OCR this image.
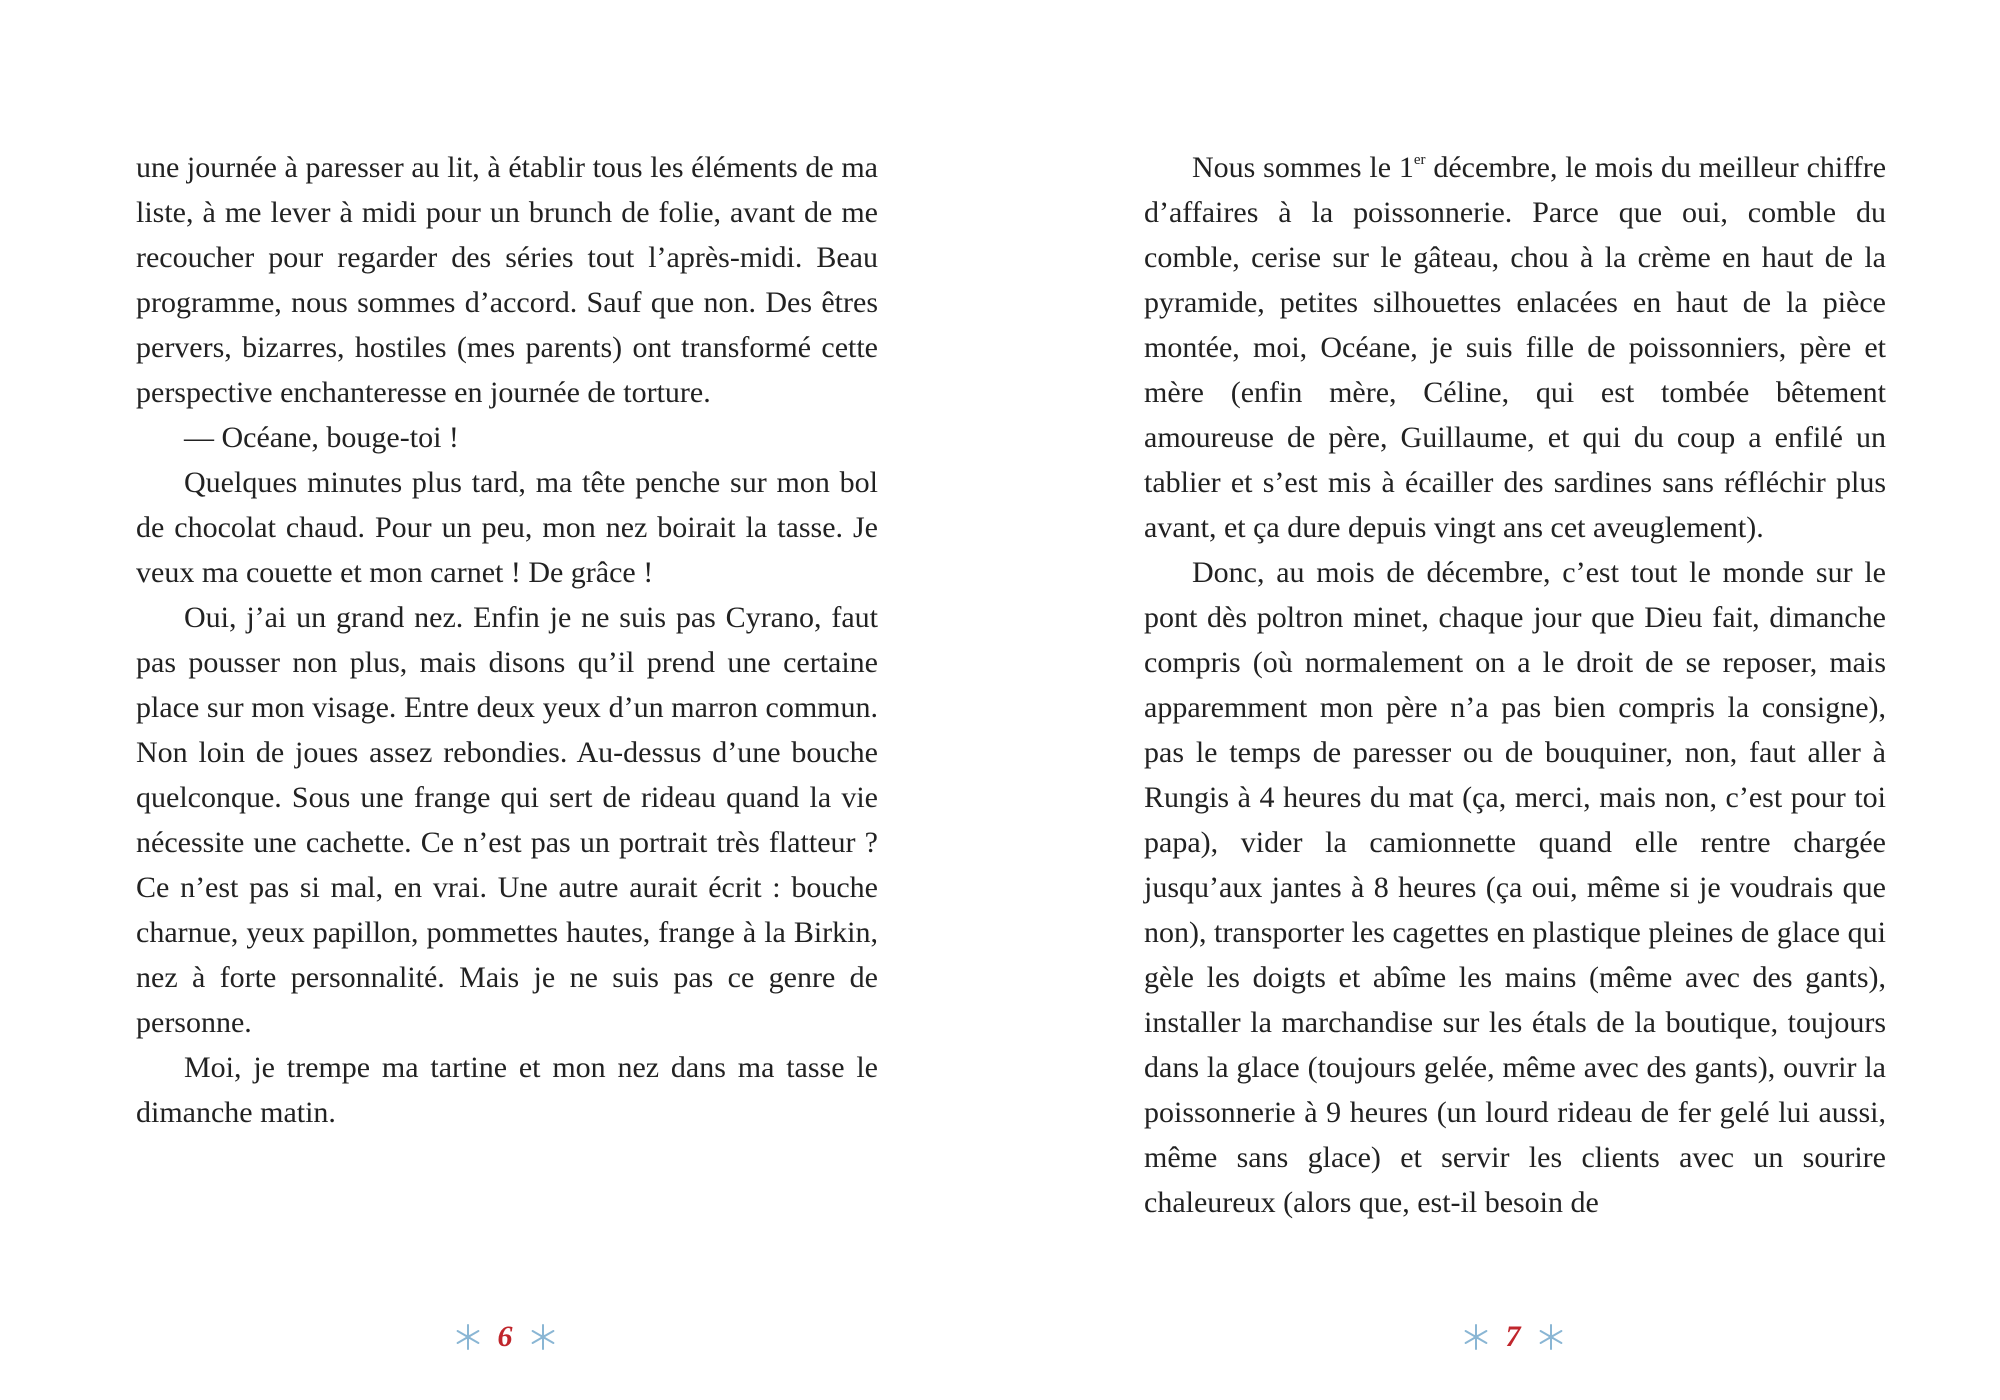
une journée à paresser au lit, à établir tous les éléments de ma liste, à me lever à midi pour un brunch de folie, avant de me recoucher pour regarder des séries tout l’après-midi. Beau programme, nous sommes d’accord. Sauf que non. Des êtres pervers, bizarres, hostiles (mes parents) ont transformé cette perspective enchanteresse en journée de torture.

— Océane, bouge-toi !

Quelques minutes plus tard, ma tête penche sur mon bol de chocolat chaud. Pour un peu, mon nez boirait la tasse. Je veux ma couette et mon carnet ! De grâce !

Oui, j’ai un grand nez. Enfin je ne suis pas Cyrano, faut pas pousser non plus, mais disons qu’il prend une certaine place sur mon visage. Entre deux yeux d’un marron commun. Non loin de joues assez rebondies. Au-dessus d’une bouche quelconque. Sous une frange qui sert de rideau quand la vie nécessite une cachette. Ce n’est pas un portrait très flatteur ? Ce n’est pas si mal, en vrai. Une autre aurait écrit : bouche charnue, yeux papillon, pommettes hautes, frange à la Birkin, nez à forte personnalité. Mais je ne suis pas ce genre de personne.

Moi, je trempe ma tartine et mon nez dans ma tasse le dimanche matin.

Nous sommes le 1er décembre, le mois du meilleur chiffre d’affaires à la poissonnerie. Parce que oui, comble du comble, cerise sur le gâteau, chou à la crème en haut de la pyramide, petites silhouettes enlacées en haut de la pièce montée, moi, Océane, je suis fille de poissonniers, père et mère (enfin mère, Céline, qui est tombée bêtement amoureuse de père, Guillaume, et qui du coup a enfilé un tablier et s’est mis à écailler des sardines sans réfléchir plus avant, et ça dure depuis vingt ans cet aveuglement).

Donc, au mois de décembre, c’est tout le monde sur le pont dès poltron minet, chaque jour que Dieu fait, dimanche compris (où normalement on a le droit de se reposer, mais apparemment mon père n’a pas bien compris la consigne), pas le temps de paresser ou de bouquiner, non, faut aller à Rungis à 4 heures du mat (ça, merci, mais non, c’est pour toi papa), vider la camionnette quand elle rentre chargée jusqu’aux jantes à 8 heures (ça oui, même si je voudrais que non), transporter les cagettes en plastique pleines de glace qui gèle les doigts et abîme les mains (même avec des gants), installer la marchandise sur les étals de la boutique, toujours dans la glace (toujours gelée, même avec des gants), ouvrir la poissonnerie à 9 heures (un lourd rideau de fer gelé lui aussi, même sans glace) et servir les clients avec un sourire chaleureux (alors que, est-il besoin de

6	7
